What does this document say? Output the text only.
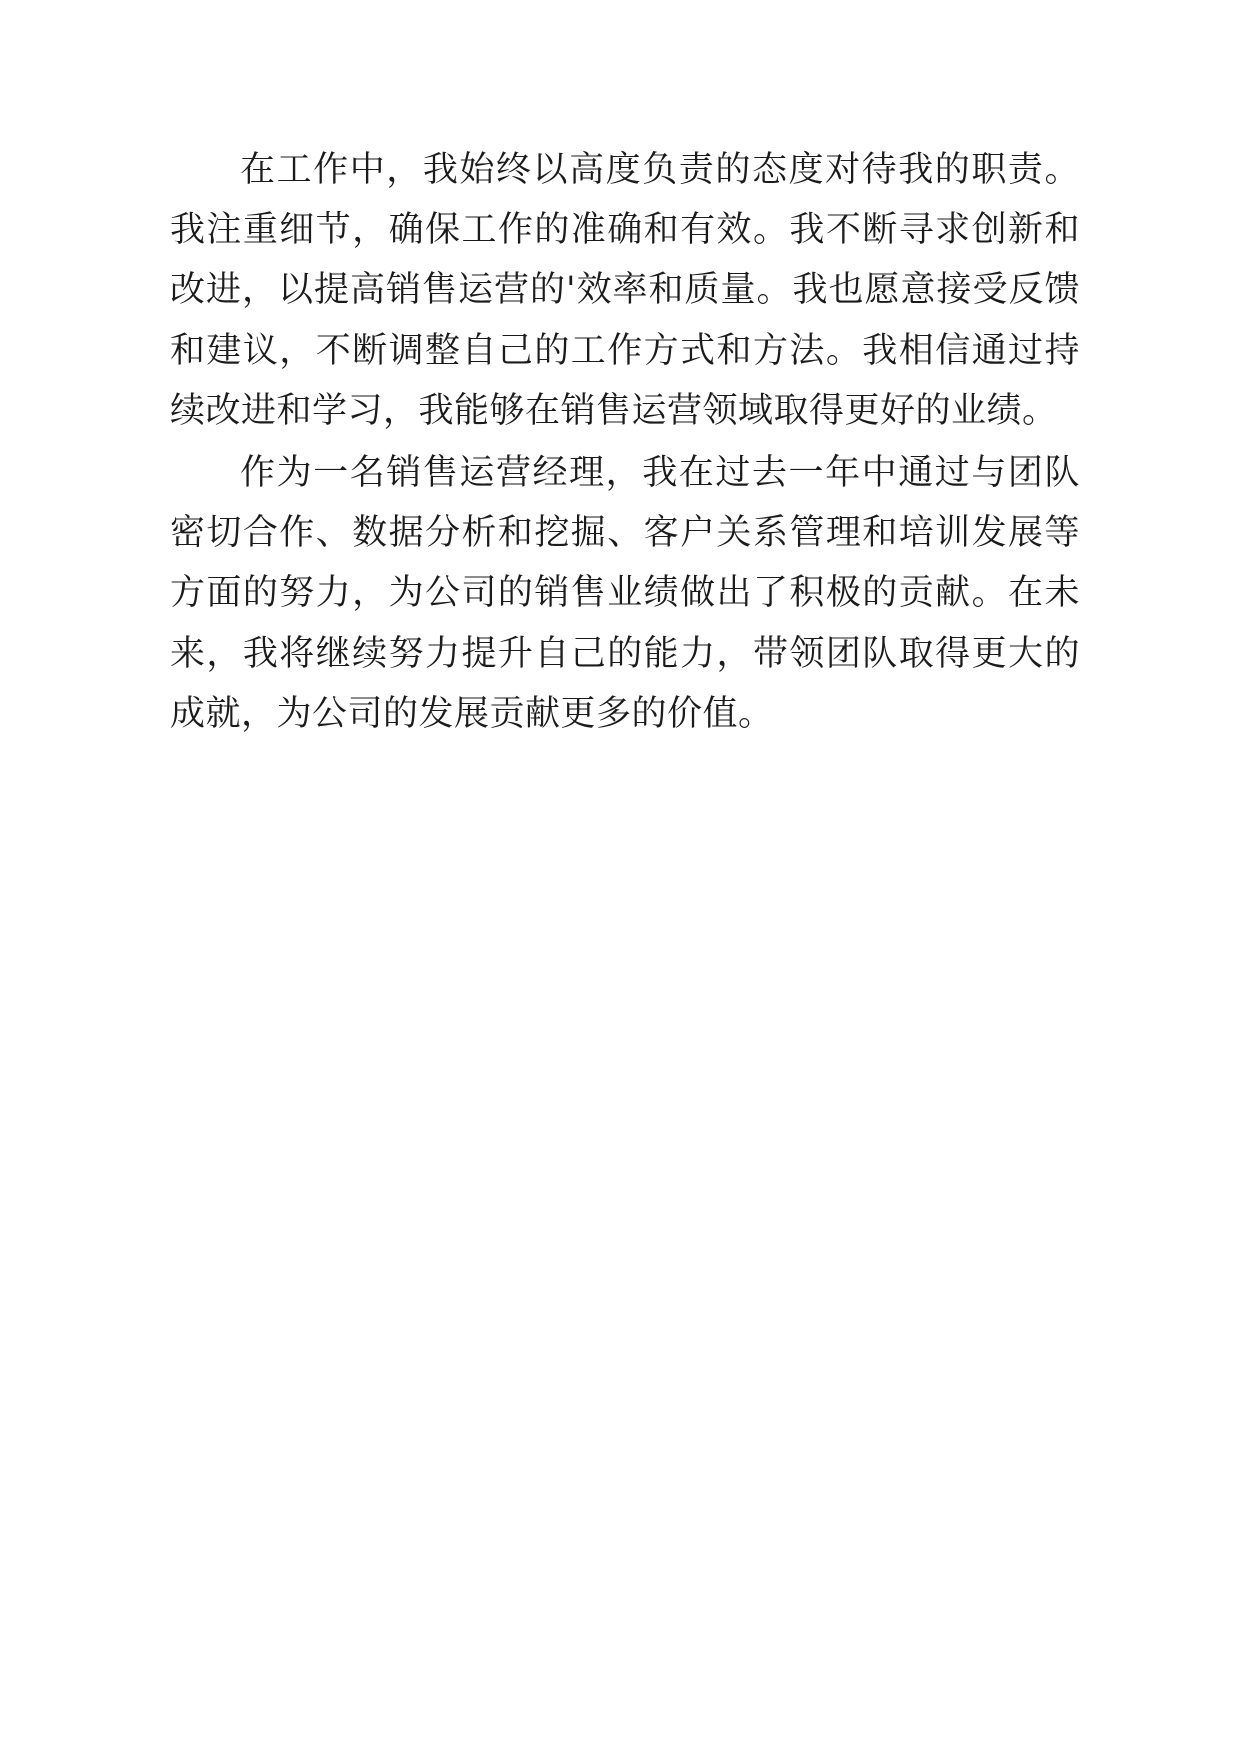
在工作中，我始终以高度负责的态度对待我的职责。我注重细节，确保工作的准确和有效。我不断寻求创新和改进，以提高销售运营的'效率和质量。我也愿意接受反馈和建议，不断调整自己的工作方式和方法。我相信通过持续改进和学习，我能够在销售运营领域取得更好的业绩。

作为一名销售运营经理，我在过去一年中通过与团队密切合作、数据分析和挖掘、客户关系管理和培训发展等方面的努力，为公司的销售业绩做出了积极的贡献。在未来，我将继续努力提升自己的能力，带领团队取得更大的成就，为公司的发展贡献更多的价值。
